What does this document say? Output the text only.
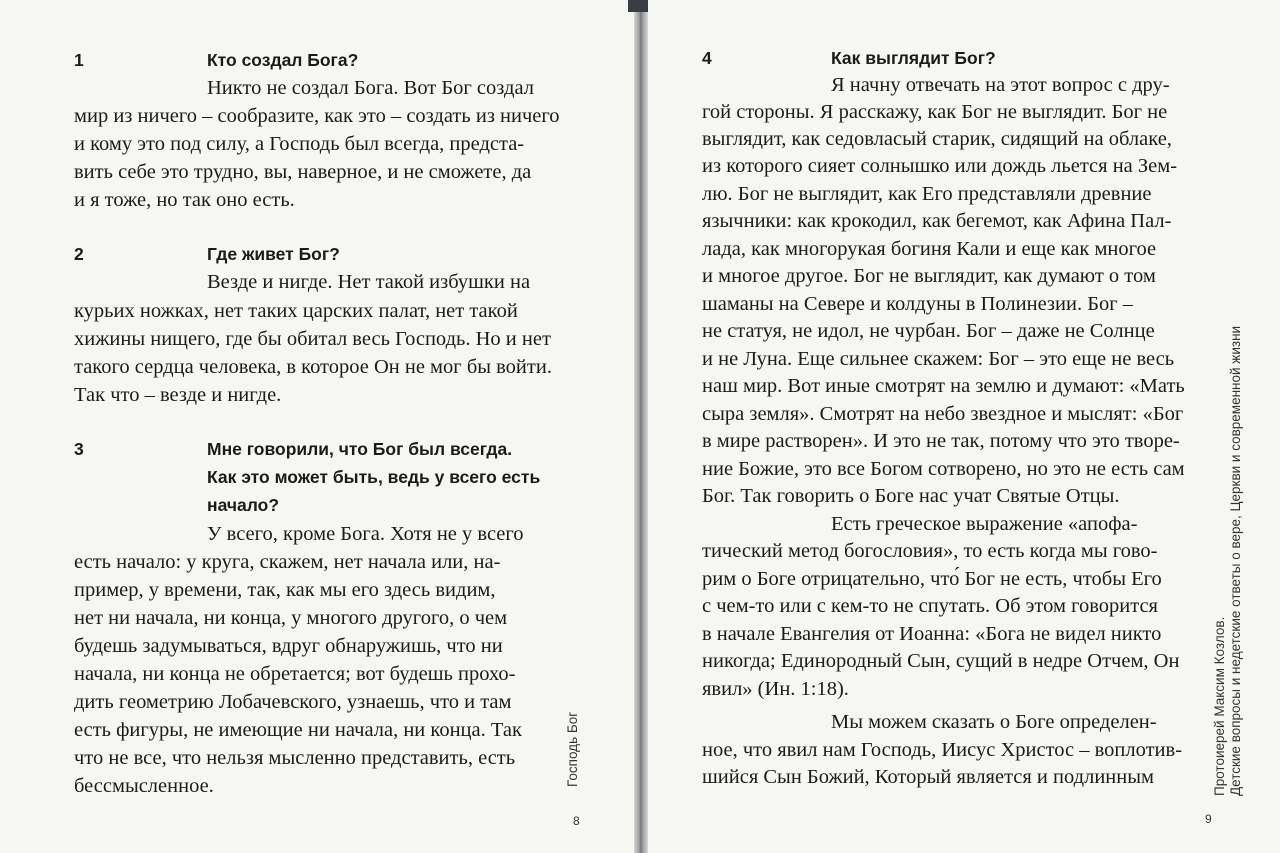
1	Кто создал Бога?
Никто не создал Бога. Вот Бог создал
мир из ничего – сообразите, как это – создать из ничего
и кому это под силу, а Господь был всегда, предста-
вить себе это трудно, вы, наверное, и не сможете, да
и я тоже, но так оно есть.
2	Где живет Бог?
Везде и нигде. Нет такой избушки на
курьих ножках, нет таких царских палат, нет такой
хижины нищего, где бы обитал весь Господь. Но и нет
такого сердца человека, в которое Он не мог бы войти.
Так что – везде и нигде.
3	Мне говорили, что Бог был всегда.
Как это может быть, ведь у всего есть
начало?
У всего, кроме Бога. Хотя не у всего
есть начало: у круга, скажем, нет начала или, на-
пример, у времени, так, как мы его здесь видим,
нет ни начала, ни конца, у многого другого, о чем
будешь задумываться, вдруг обнаружишь, что ни
начала, ни конца не обретается; вот будешь прохо-
дить геометрию Лобачевского, узнаешь, что и там
есть фигуры, не имеющие ни начала, ни конца. Так
что не все, что нельзя мысленно представить, есть
бессмысленное.	Господь Бог
8
4	Как выглядит Бог?
Я начну отвечать на этот вопрос с дру-
гой стороны. Я расскажу, как Бог не выглядит. Бог не
выглядит, как седовласый старик, сидящий на облаке,
из которого сияет солнышко или дождь льется на Зем-
лю. Бог не выглядит, как Его представляли древние
язычники: как крокодил, как бегемот, как Афина Пал-
лада, как многорукая богиня Кали и еще как многое
и многое другое. Бог не выглядит, как думают о том
шаманы на Севере и колдуны в Полинезии. Бог –
не статуя, не идол, не чурбан. Бог – даже не Солнце
и не Луна. Еще сильнее скажем: Бог – это еще не весь
наш мир. Вот иные смотрят на землю и думают: «Мать
сыра земля». Смотрят на небо звездное и мыслят: «Бог
в мире растворен». И это не так, потому что это творе-
ние Божие, это все Богом сотворено, но это не есть сам
Бог. Так говорить о Боге нас учат Святые Отцы.
Есть греческое выражение «апофа-
тический метод богословия», то есть когда мы гово-
рим о Боге отрицательно, что́ Бог не есть, чтобы Его
с чем-то или с кем-то не спутать. Об этом говорится
в начале Евангелия от Иоанна: «Бога не видел никто
никогда; Единородный Сын, сущий в недре Отчем, Он
явил» (Ин. 1:18).
Мы можем сказать о Боге определен-
ное, что явил нам Господь, Иисус Христос – воплотив-
шийся Сын Божий, Который является и подлинным	Протоиерей Максим Козлов. Детские вопросы и недетские ответы о вере, Церкви и современной жизни
9
